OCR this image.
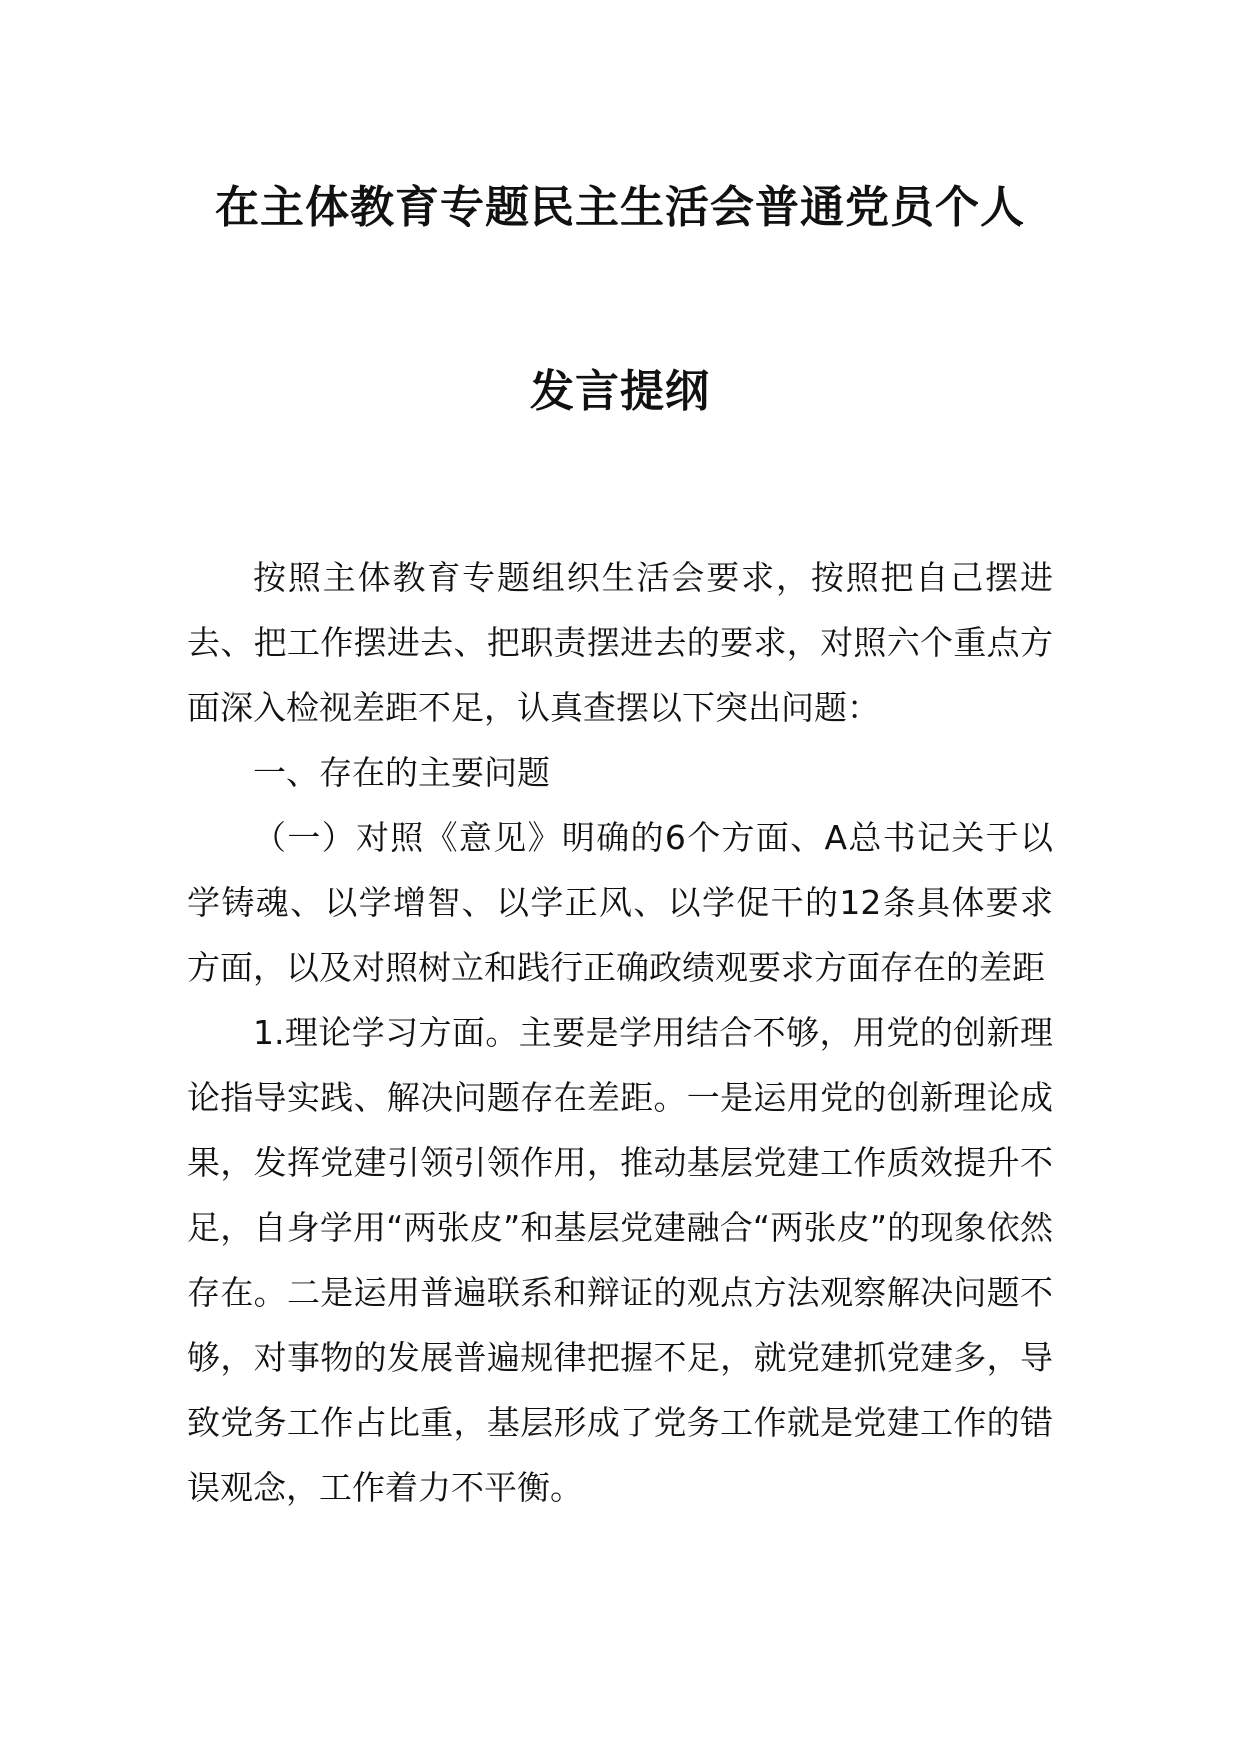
在主体教育专题民主生活会普通党员个人
发言提纲

按照主体教育专题组织生活会要求，按照把自己摆进去、把工作摆进去、把职责摆进去的要求，对照六个重点方面深入检视差距不足，认真查摆以下突出问题：

一、存在的主要问题

（一）对照《意见》明确的6个方面、A总书记关于以学铸魂、以学增智、以学正风、以学促干的12条具体要求方面，以及对照树立和践行正确政绩观要求方面存在的差距

1.理论学习方面。主要是学用结合不够，用党的创新理论指导实践、解决问题存在差距。一是运用党的创新理论成果，发挥党建引领引领作用，推动基层党建工作质效提升不足，自身学用“两张皮”和基层党建融合“两张皮”的现象依然存在。二是运用普遍联系和辩证的观点方法观察解决问题不够，对事物的发展普遍规律把握不足，就党建抓党建多，导致党务工作占比重，基层形成了党务工作就是党建工作的错误观念，工作着力不平衡。
